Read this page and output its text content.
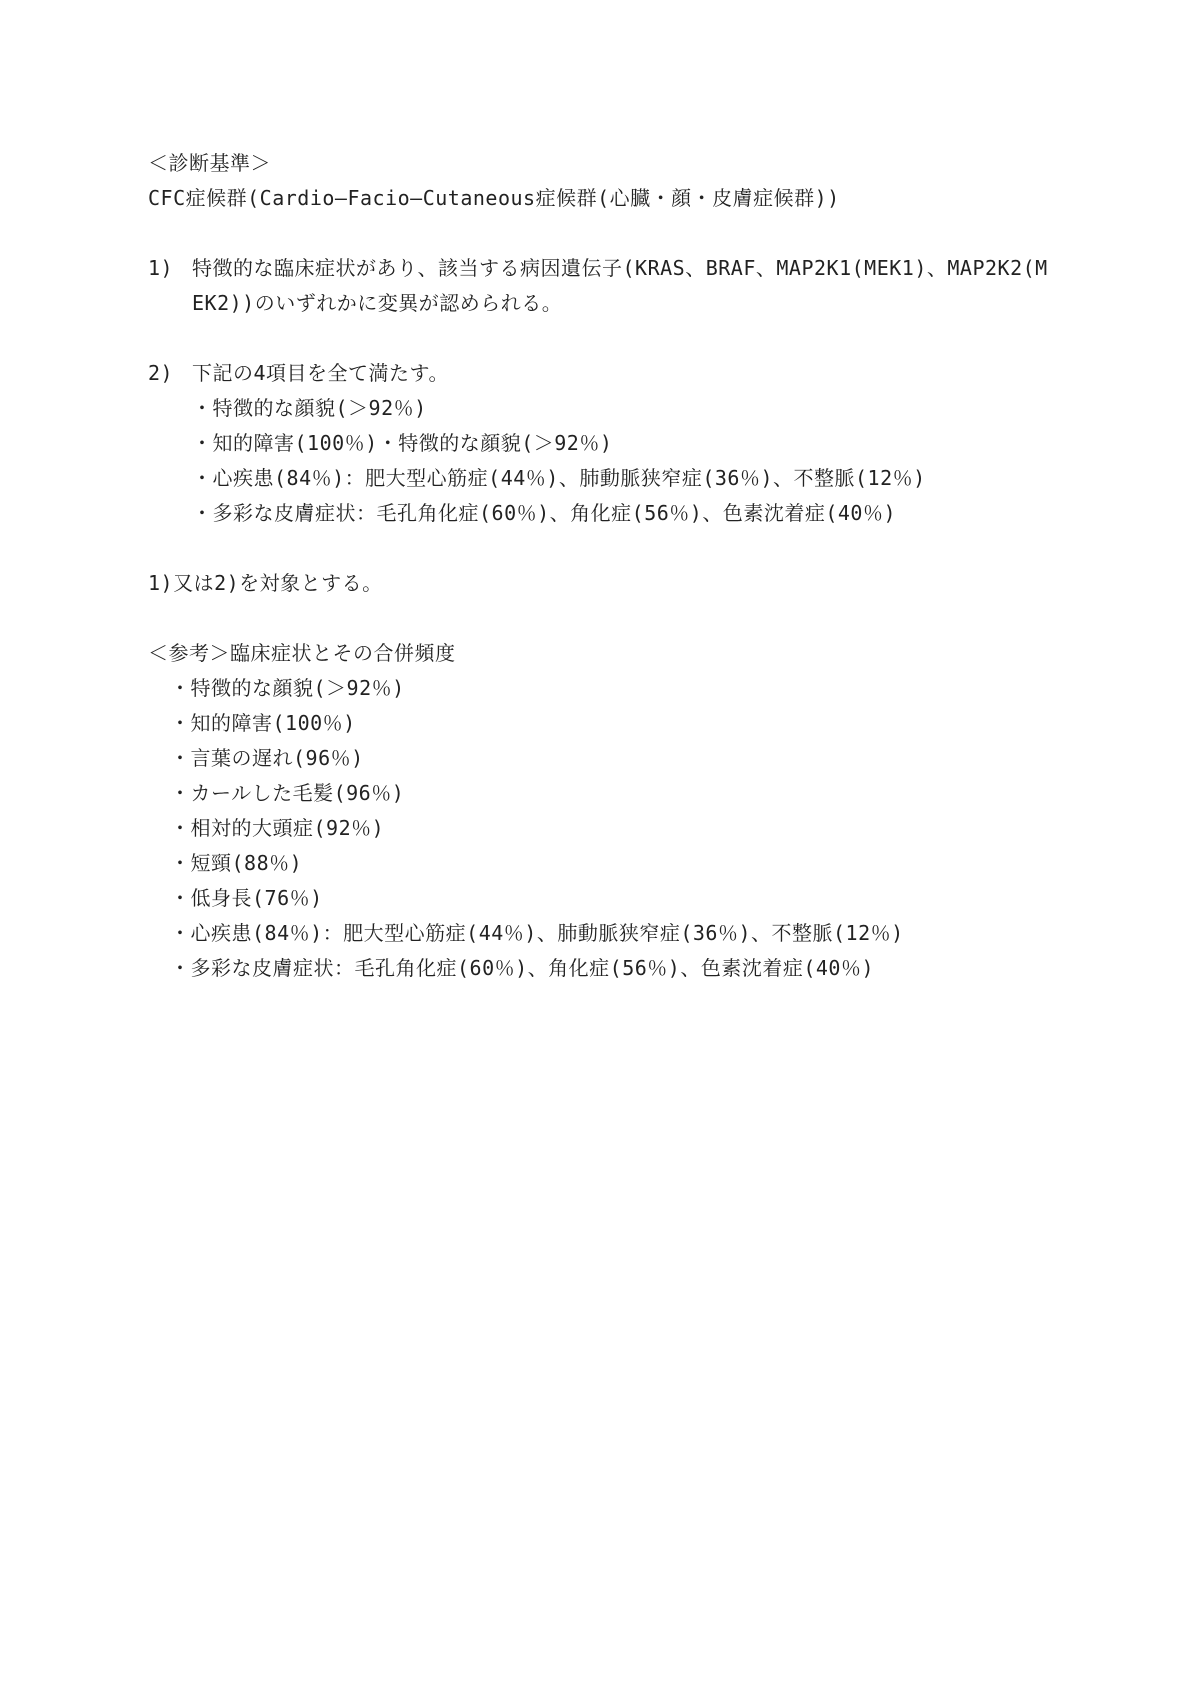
＜診断基準＞
CFC症候群(Cardio―Facio―Cutaneous症候群(心臓・顔・皮膚症候群))
1) 特徴的な臨床症状があり、該当する病因遺伝子(KRAS、BRAF、MAP2K1(MEK1)、MAP2K2(M
EK2))のいずれかに変異が認められる。
2) 下記の4項目を全て満たす。
・特徴的な顔貌(＞92％)
・知的障害(100％)・特徴的な顔貌(＞92％)
・心疾患(84％)：肥大型心筋症(44％)、肺動脈狭窄症(36％)、不整脈(12％)
・多彩な皮膚症状：毛孔角化症(60％)、角化症(56％)、色素沈着症(40％)
1)又は2)を対象とする。
＜参考＞臨床症状とその合併頻度
・特徴的な顔貌(＞92％)
・知的障害(100％)
・言葉の遅れ(96％)
・カールした毛髪(96％)
・相対的大頭症(92％)
・短頸(88％)
・低身長(76％)
・心疾患(84％)：肥大型心筋症(44％)、肺動脈狭窄症(36％)、不整脈(12％)
・多彩な皮膚症状：毛孔角化症(60％)、角化症(56％)、色素沈着症(40％)
